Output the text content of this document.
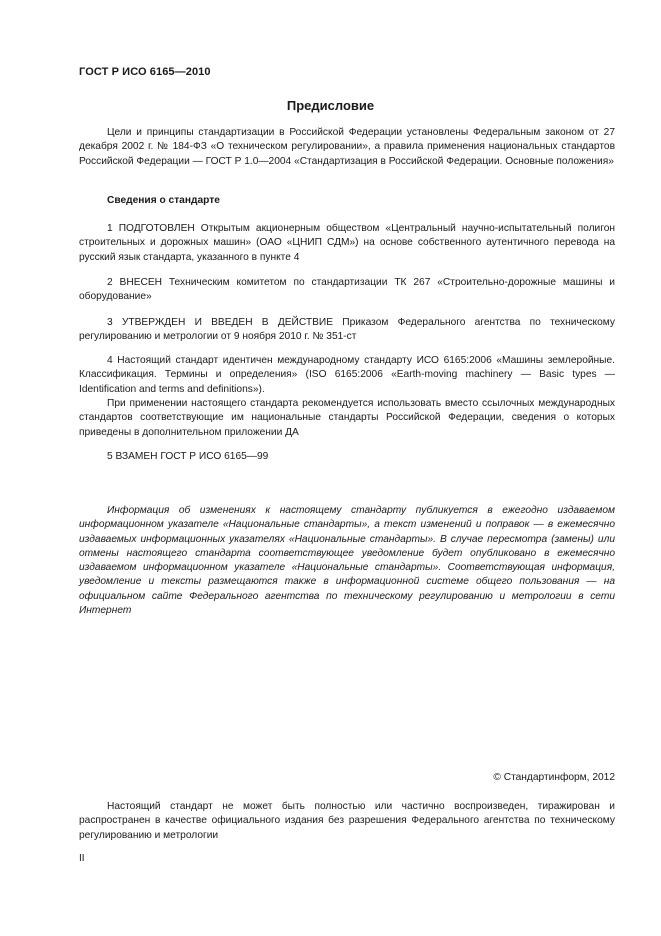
ГОСТ Р ИСО 6165—2010
Предисловие

Цели и принципы стандартизации в Российской Федерации установлены Федеральным законом от 27 декабря 2002 г. № 184-ФЗ «О техническом регулировании», а правила применения национальных стандартов Российской Федерации — ГОСТ Р 1.0—2004 «Стандартизация в Российской Федерации. Основные положения»

Сведения о стандарте

1 ПОДГОТОВЛЕН Открытым акционерным обществом «Центральный научно-испытательный полигон строительных и дорожных машин» (ОАО «ЦНИП СДМ») на основе собственного аутентичного перевода на русский язык стандарта, указанного в пункте 4

2 ВНЕСЕН Техническим комитетом по стандартизации ТК 267 «Строительно-дорожные машины и оборудование»

3 УТВЕРЖДЕН И ВВЕДЕН В ДЕЙСТВИЕ Приказом Федерального агентства по техническому регулированию и метрологии от 9 ноября 2010 г. № 351-ст

4 Настоящий стандарт идентичен международному стандарту ИСО 6165:2006 «Машины землеройные. Классификация. Термины и определения» (ISO 6165:2006 «Earth-moving machinery — Basic types — Identification and terms and definitions»).

При применении настоящего стандарта рекомендуется использовать вместо ссылочных международных стандартов соответствующие им национальные стандарты Российской Федерации, сведения о которых приведены в дополнительном приложении ДА

5 ВЗАМЕН ГОСТ Р ИСО 6165—99

Информация об изменениях к настоящему стандарту публикуется в ежегодно издаваемом информационном указателе «Национальные стандарты», а текст изменений и поправок — в ежемесячно издаваемых информационных указателях «Национальные стандарты». В случае пересмотра (замены) или отмены настоящего стандарта соответствующее уведомление будет опубликовано в ежемесячно издаваемом информационном указателе «Национальные стандарты». Соответствующая информация, уведомление и тексты размещаются также в информационной системе общего пользования — на официальном сайте Федерального агентства по техническому регулированию и метрологии в сети Интернет

© Стандартинформ, 2012

Настоящий стандарт не может быть полностью или частично воспроизведен, тиражирован и распространен в качестве официального издания без разрешения Федерального агентства по техническому регулированию и метрологии

II
